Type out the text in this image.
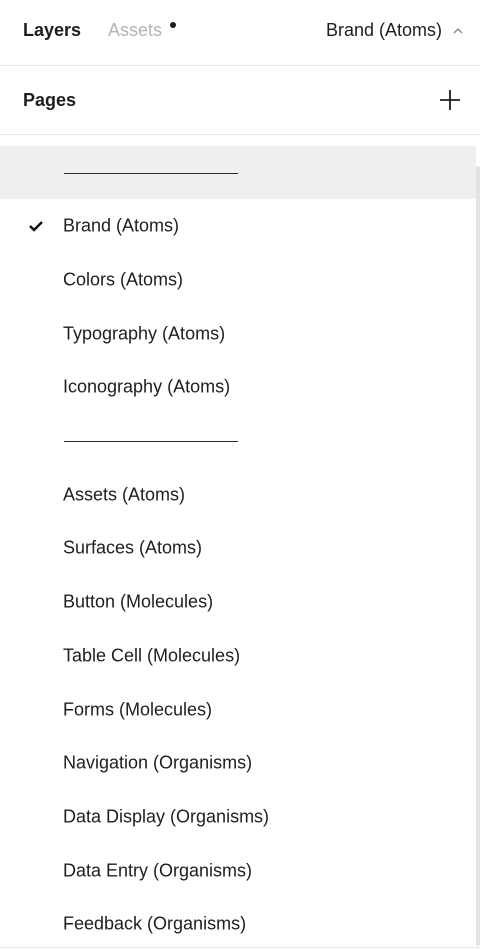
Layers Assets	Brand (Atoms)
Pages
Brand (Atoms)
Colors (Atoms)
Typography (Atoms)
Iconography (Atoms)
Assets (Atoms)
Surfaces (Atoms)
Button (Molecules)
Table Cell (Molecules)
Forms (Molecules)
Navigation (Organisms)
Data Display (Organisms)
Data Entry (Organisms)
Feedback (Organisms)
